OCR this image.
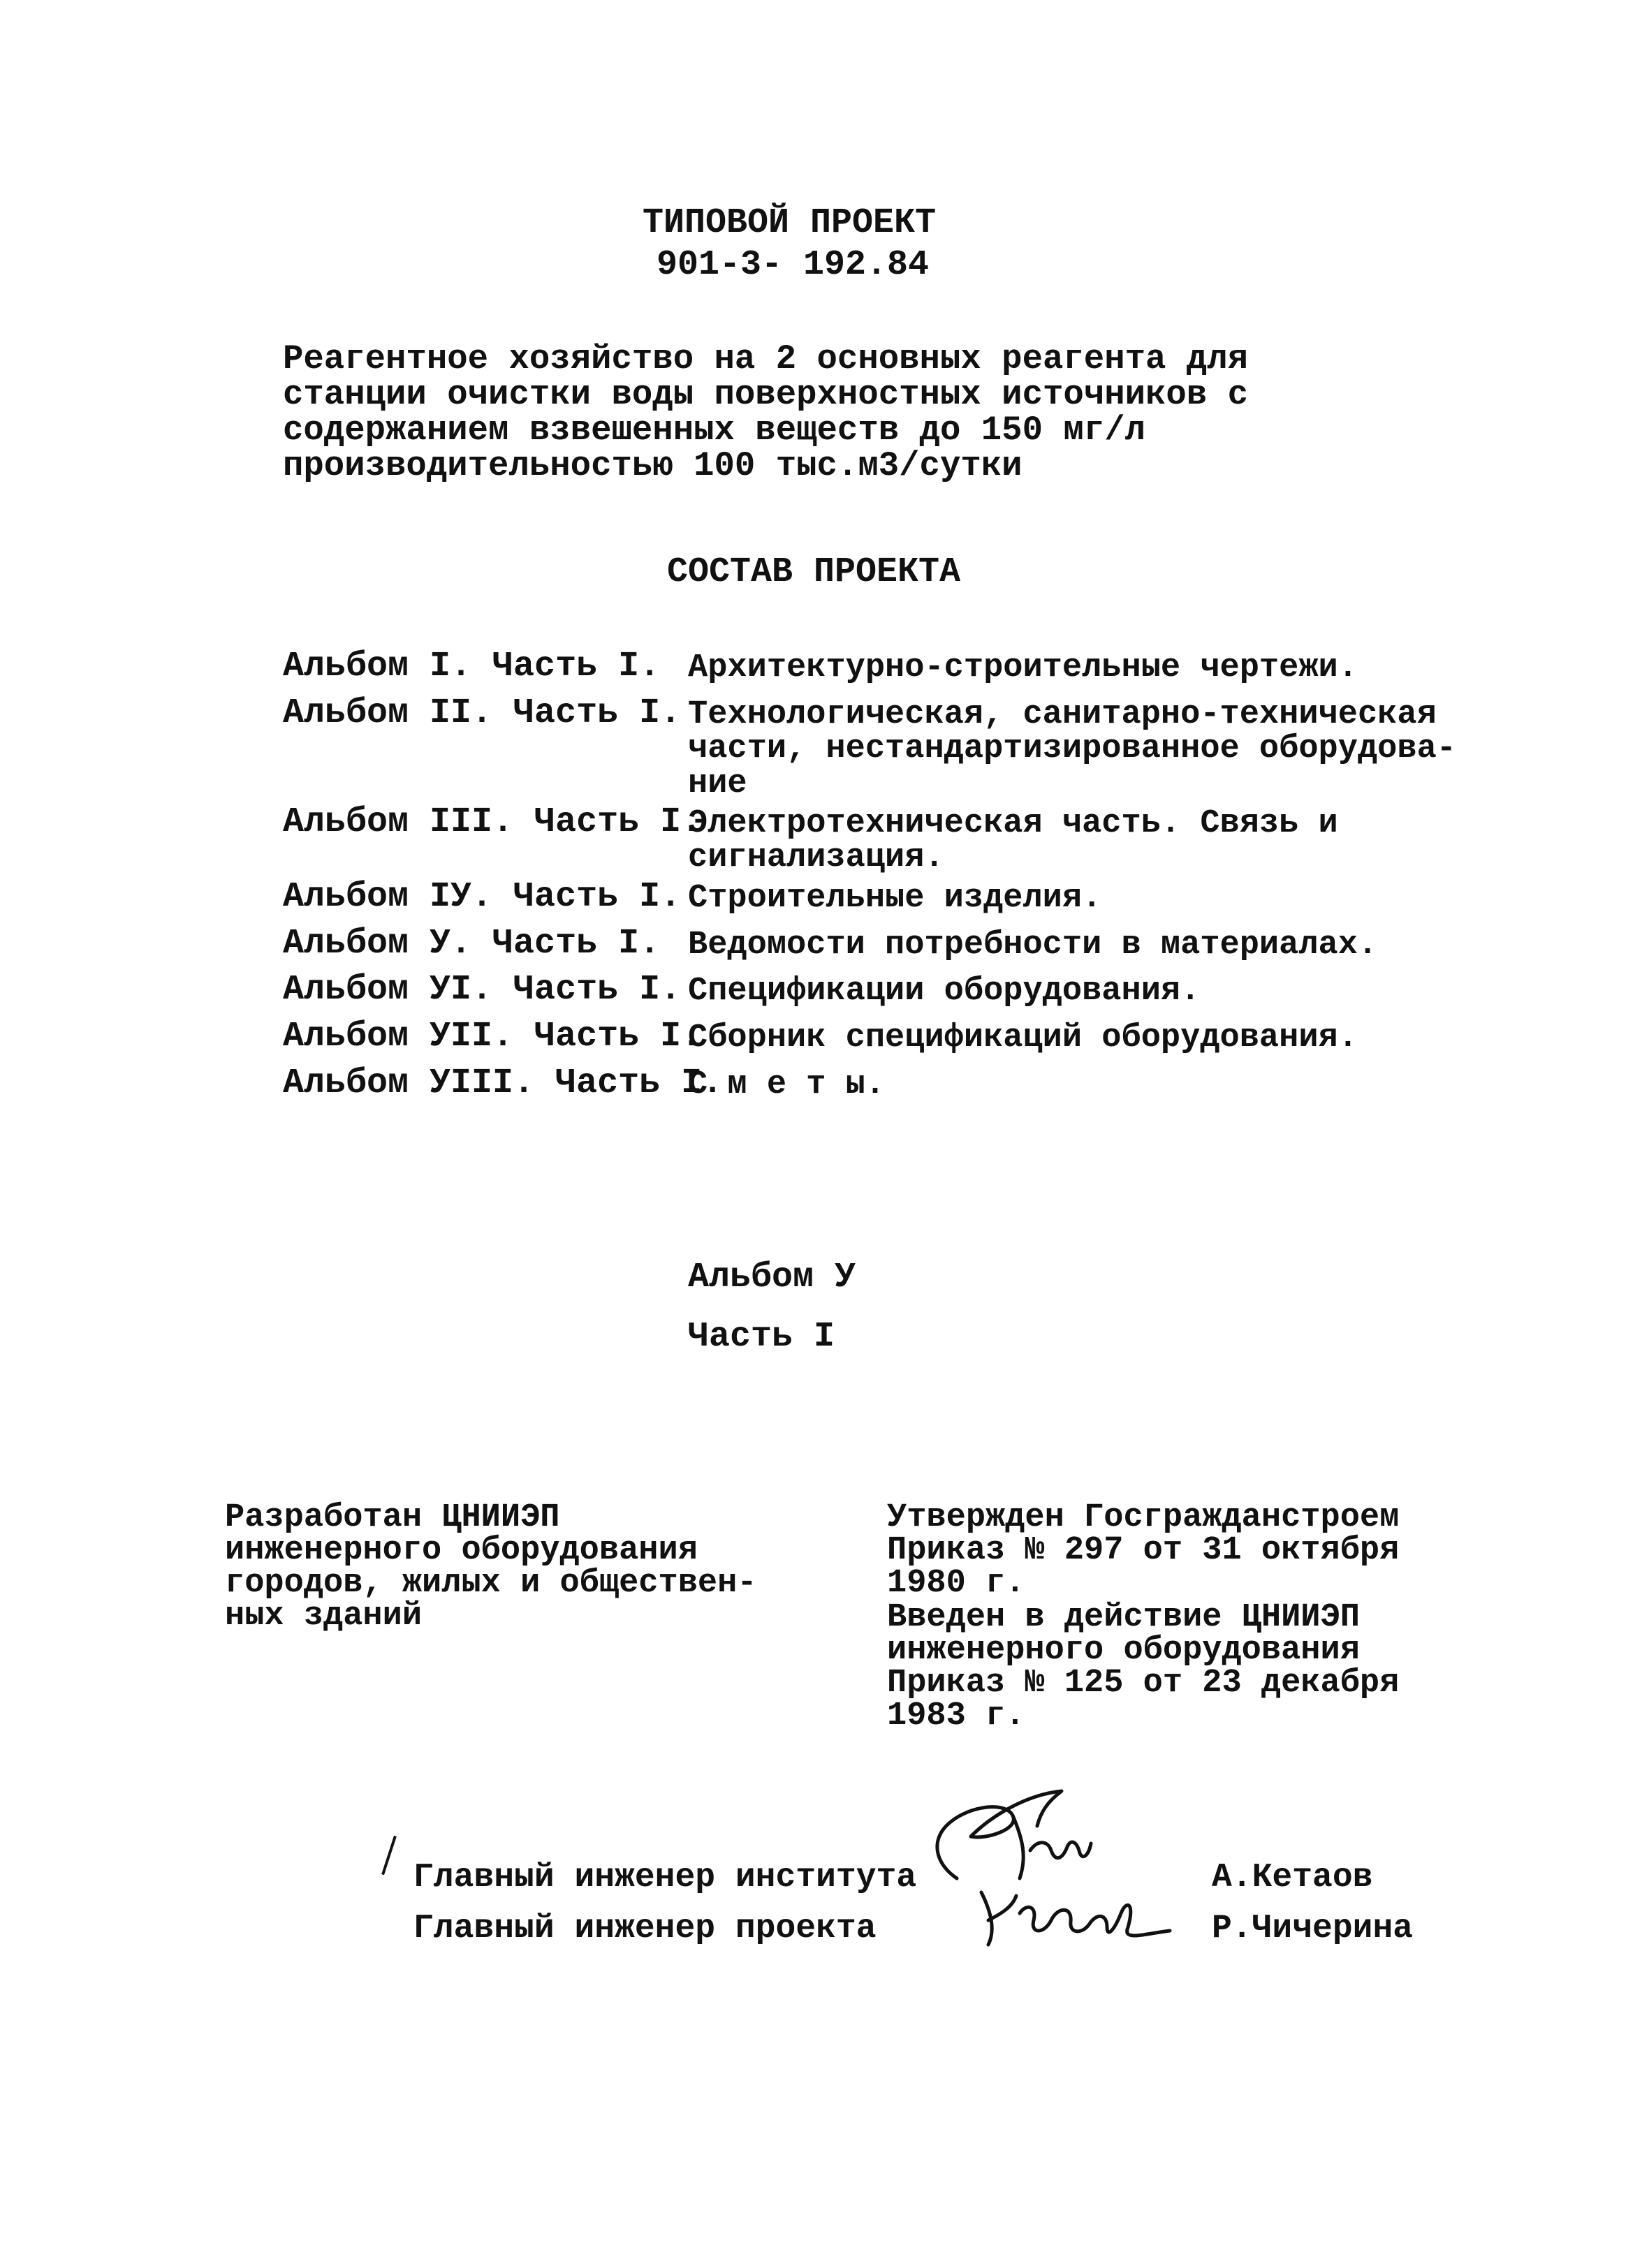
ТИПОВОЙ ПРОЕКТ
901-3- 192.84
Реагентное хозяйство на 2 основных реагента для
станции очистки воды поверхностных источников с
содержанием взвешенных веществ до 150 мг/л
производительностью 100 тыс.м3/сутки
СОСТАВ ПРОЕКТА
Альбом I. Часть I. Архитектурно-строительные чертежи.
Альбом II. Часть I. Технологическая, санитарно-техническая
части, нестандартизированное оборудова-
ние
Альбом III. Часть I.
Электротехническая часть. Связь и
сигнализация.
Альбом IУ. Часть I. Строительные изделия.
Альбом У. Часть I. Ведомости потребности в материалах.
Альбом УI. Часть I. Спецификации оборудования.
Альбом УII. Часть I.
Сборник спецификаций оборудования.
Альбом УIII. Часть I.
С м е т ы.
Альбом У
Часть I
Разработан ЦНИИЭП
инженерного оборудования
городов, жилых и обществен-
ных зданий
Утвержден Госгражданстроем
Приказ № 297 от 31 октября
1980 г.
Введен в действие ЦНИИЭП
инженерного оборудования
Приказ № 125 от 23 декабря
1983 г.
Главный инженер института	А.Кетаов
Главный инженер проекта	Р.Чичерина
